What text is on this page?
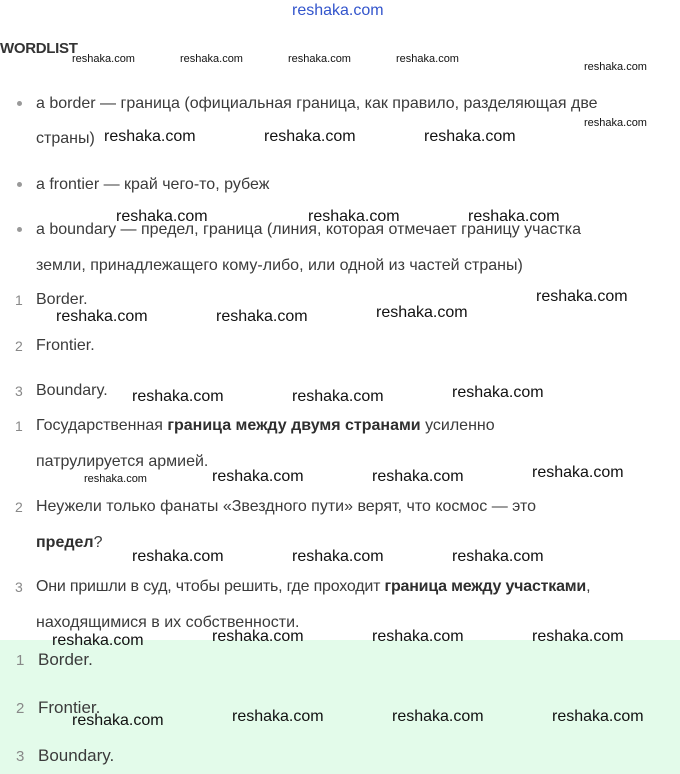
reshaka.com
WORDLIST
a border — граница (официальная граница, как правило, разделяющая две
страны)
a frontier — край чего-то, рубеж
a boundary — предел, граница (линия, которая отмечает границу участка
земли, принадлежащего кому-либо, или одной из частей страны)
1 Border.
2 Frontier.
3 Boundary.
1 Государственная граница между двумя странами усиленно
патрулируется армией.
2 Неужели только фанаты «Звездного пути» верят, что космос — это
предел?
3 Они пришли в суд, чтобы решить, где проходит граница между участками,
находящимися в их собственности.
1 Border.
2 Frontier.
3 Boundary.
reshaka.com	reshaka.com	reshaka.com	reshaka.com
reshaka.com
reshaka.com
reshaka.com	reshaka.com	reshaka.com
reshaka.com	reshaka.com	reshaka.com
reshaka.com
reshaka.com	reshaka.com	reshaka.com
reshaka.com	reshaka.com	reshaka.com
reshaka.com	reshaka.com	reshaka.com	reshaka.com
reshaka.com	reshaka.com	reshaka.com
reshaka.com	reshaka.com	reshaka.com	reshaka.com
reshaka.com	reshaka.com	reshaka.com	reshaka.com
